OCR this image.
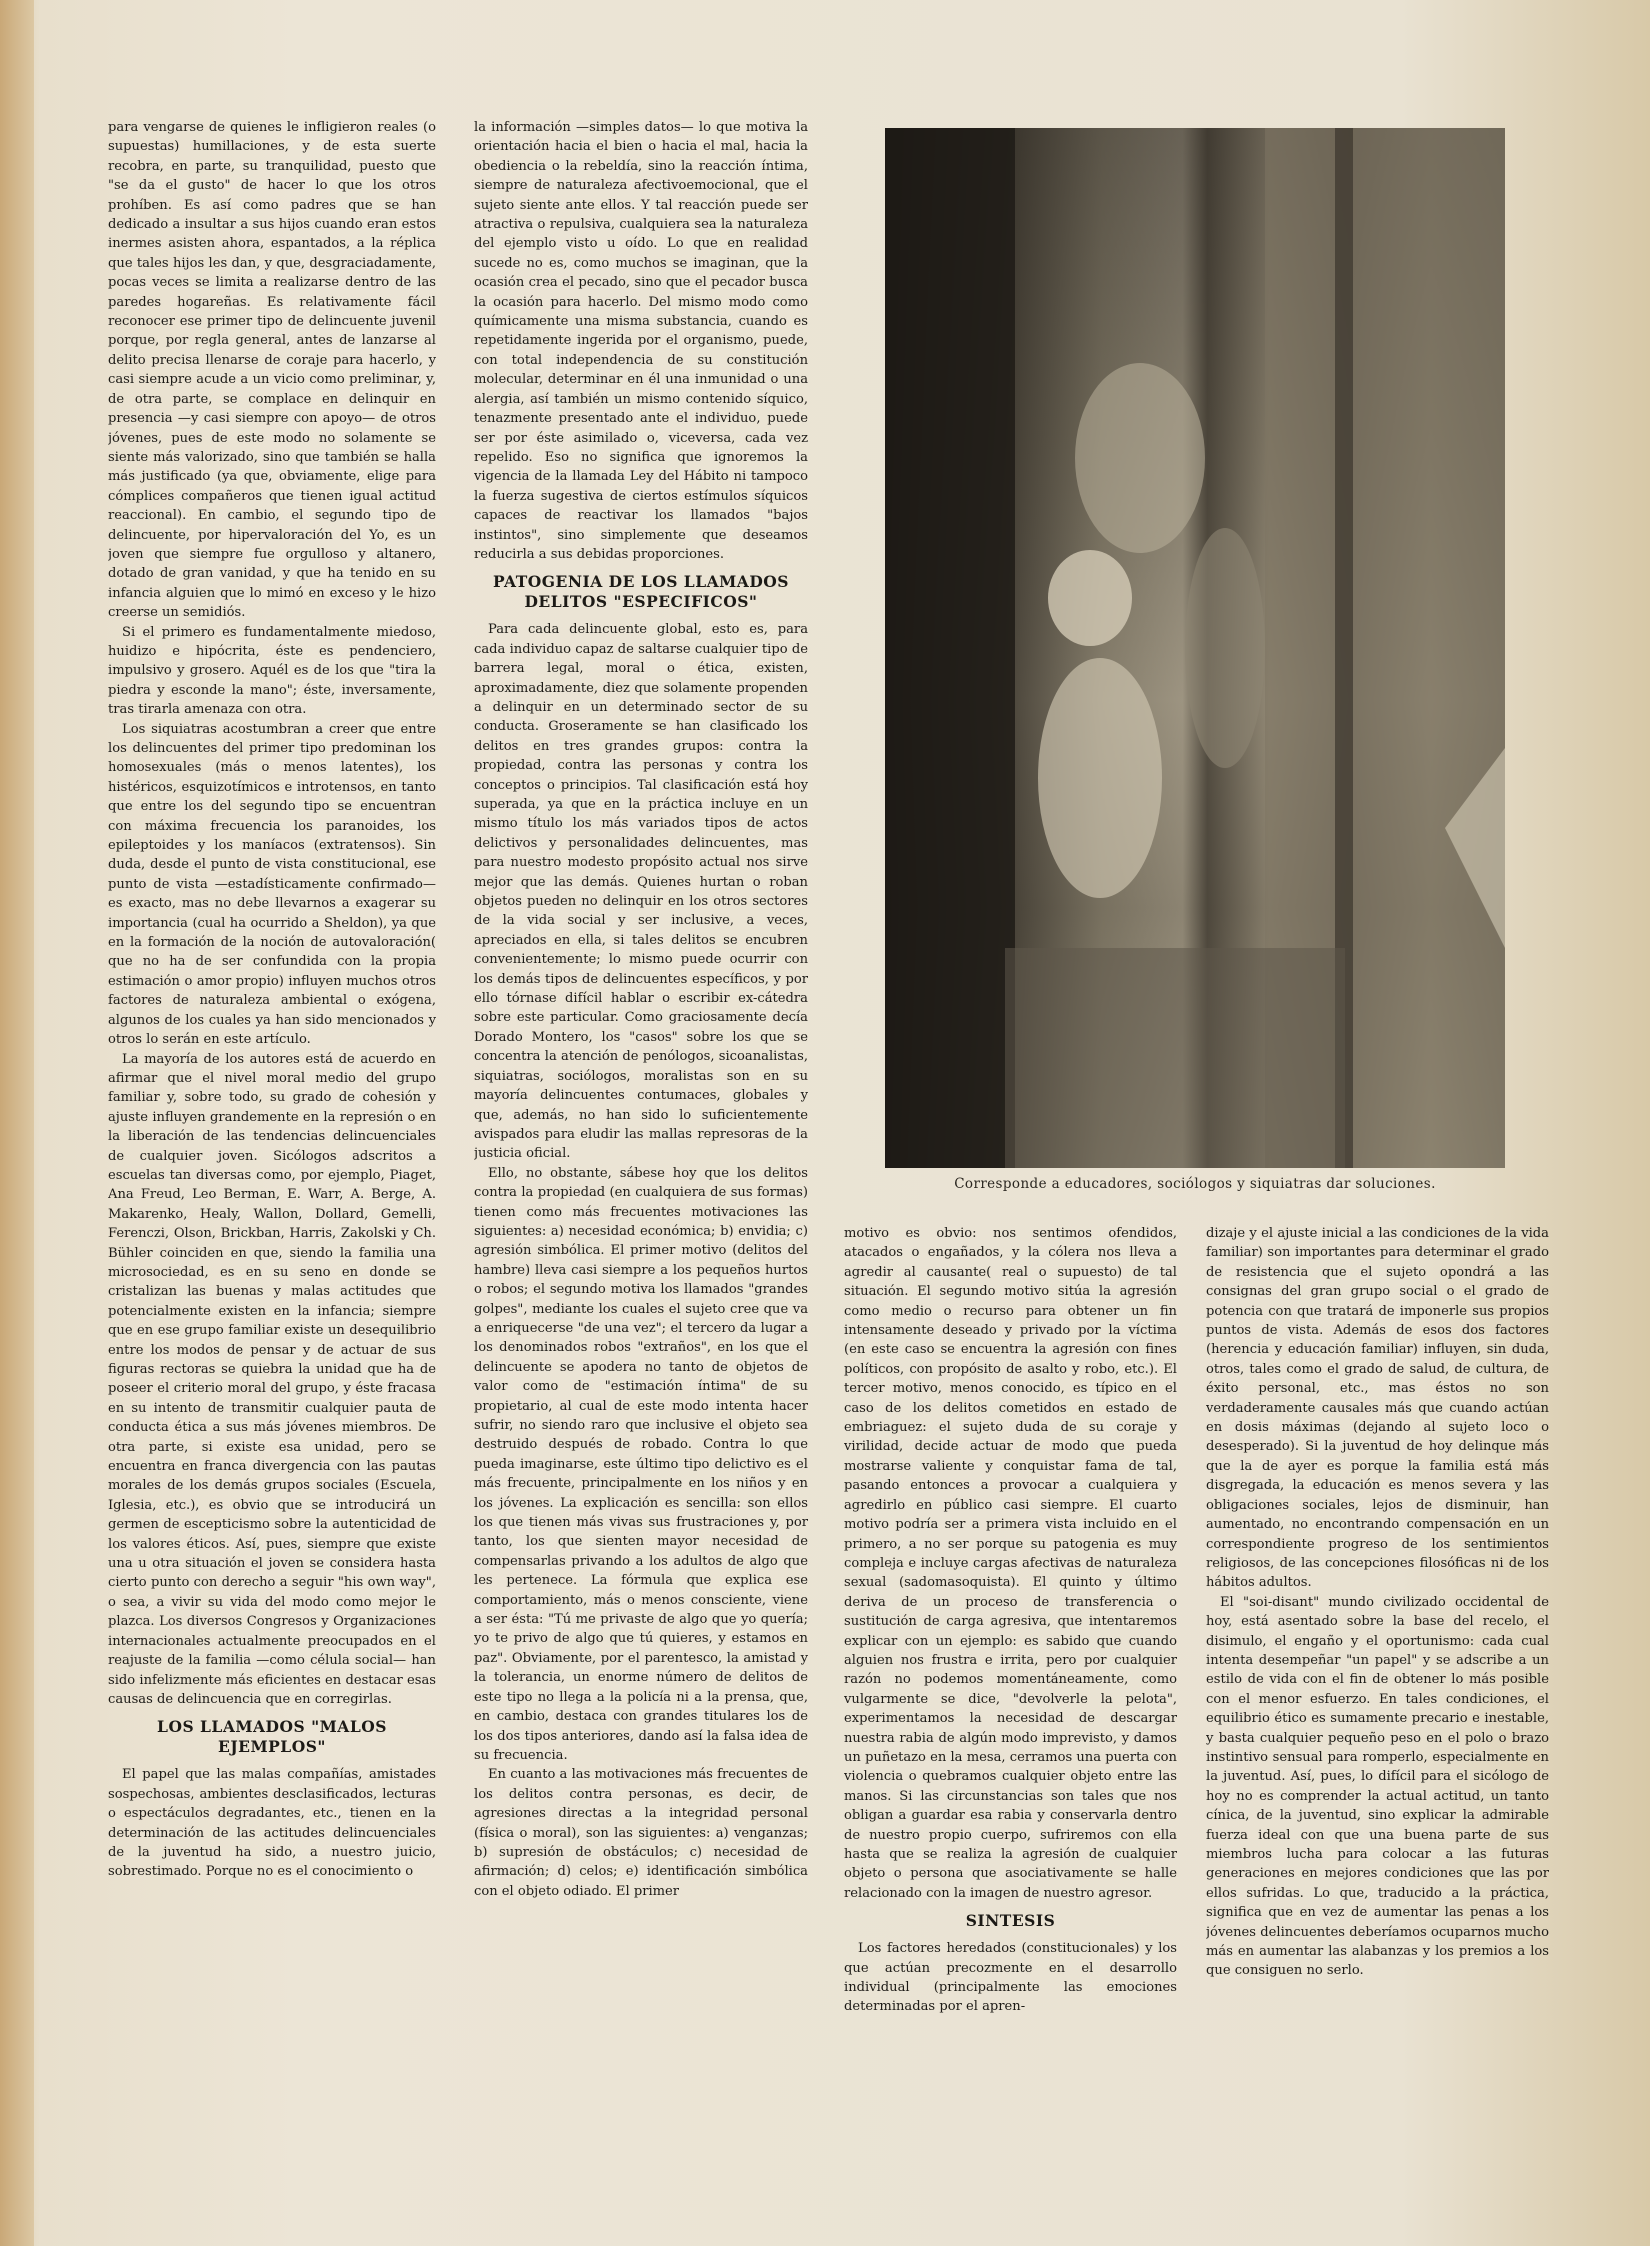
para vengarse de quienes le infligieron reales (o supuestas) humillaciones, y de esta suerte recobra, en parte, su tranquilidad, puesto que "se da el gusto" de hacer lo que los otros prohíben. Es así como padres que se han dedicado a insultar a sus hijos cuando eran estos inermes asisten ahora, espantados, a la réplica que tales hijos les dan, y que, desgraciadamente, pocas veces se limita a realizarse dentro de las paredes hogareñas. Es relativamente fácil reconocer ese primer tipo de delincuente juvenil porque, por regla general, antes de lanzarse al delito precisa llenarse de coraje para hacerlo, y casi siempre acude a un vicio como preliminar, y, de otra parte, se complace en delinquir en presencia —y casi siempre con apoyo— de otros jóvenes, pues de este modo no solamente se siente más valorizado, sino que también se halla más justificado (ya que, obviamente, elige para cómplices compañeros que tienen igual actitud reaccional). En cambio, el segundo tipo de delincuente, por hipervaloración del Yo, es un joven que siempre fue orgulloso y altanero, dotado de gran vanidad, y que ha tenido en su infancia alguien que lo mimó en exceso y le hizo creerse un semidiós.

Si el primero es fundamentalmente miedoso, huidizo e hipócrita, éste es pendenciero, impulsivo y grosero. Aquél es de los que "tira la piedra y esconde la mano"; éste, inversamente, tras tirarla amenaza con otra.

Los siquiatras acostumbran a creer que entre los delincuentes del primer tipo predominan los homosexuales (más o menos latentes), los histéricos, esquizotímicos e introtensos, en tanto que entre los del segundo tipo se encuentran con máxima frecuencia los paranoides, los epileptoides y los maníacos (extratensos). Sin duda, desde el punto de vista constitucional, ese punto de vista —estadísticamente confirmado— es exacto, mas no debe llevarnos a exagerar su importancia (cual ha ocurrido a Sheldon), ya que en la formación de la noción de autovaloración( que no ha de ser confundida con la propia estimación o amor propio) influyen muchos otros factores de naturaleza ambiental o exógena, algunos de los cuales ya han sido mencionados y otros lo serán en este artículo.

La mayoría de los autores está de acuerdo en afirmar que el nivel moral medio del grupo familiar y, sobre todo, su grado de cohesión y ajuste influyen grandemente en la represión o en la liberación de las tendencias delincuenciales de cualquier joven. Sicólogos adscritos a escuelas tan diversas como, por ejemplo, Piaget, Ana Freud, Leo Berman, E. Warr, A. Berge, A. Makarenko, Healy, Wallon, Dollard, Gemelli, Ferenczi, Olson, Brickban, Harris, Zakolski y Ch. Bühler coinciden en que, siendo la familia una microsociedad, es en su seno en donde se cristalizan las buenas y malas actitudes que potencialmente existen en la infancia; siempre que en ese grupo familiar existe un desequilibrio entre los modos de pensar y de actuar de sus figuras rectoras se quiebra la unidad que ha de poseer el criterio moral del grupo, y éste fracasa en su intento de transmitir cualquier pauta de conducta ética a sus más jóvenes miembros. De otra parte, si existe esa unidad, pero se encuentra en franca divergencia con las pautas morales de los demás grupos sociales (Escuela, Iglesia, etc.), es obvio que se introducirá un germen de escepticismo sobre la autenticidad de los valores éticos. Así, pues, siempre que existe una u otra situación el joven se considera hasta cierto punto con derecho a seguir "his own way", o sea, a vivir su vida del modo como mejor le plazca. Los diversos Congresos y Organizaciones internacionales actualmente preocupados en el reajuste de la familia —como célula social— han sido infelizmente más eficientes en destacar esas causas de delincuencia que en corregirlas.

LOS LLAMADOS "MALOS EJEMPLOS"

El papel que las malas compañías, amistades sospechosas, ambientes desclasificados, lecturas o espectáculos degradantes, etc., tienen en la determinación de las actitudes delincuenciales de la juventud ha sido, a nuestro juicio, sobrestimado. Porque no es el conocimiento o

la información —simples datos— lo que motiva la orientación hacia el bien o hacia el mal, hacia la obediencia o la rebeldía, sino la reacción íntima, siempre de naturaleza afectivoemocional, que el sujeto siente ante ellos. Y tal reacción puede ser atractiva o repulsiva, cualquiera sea la naturaleza del ejemplo visto u oído. Lo que en realidad sucede no es, como muchos se imaginan, que la ocasión crea el pecado, sino que el pecador busca la ocasión para hacerlo. Del mismo modo como químicamente una misma substancia, cuando es repetidamente ingerida por el organismo, puede, con total independencia de su constitución molecular, determinar en él una inmunidad o una alergia, así también un mismo contenido síquico, tenazmente presentado ante el individuo, puede ser por éste asimilado o, viceversa, cada vez repelido. Eso no significa que ignoremos la vigencia de la llamada Ley del Hábito ni tampoco la fuerza sugestiva de ciertos estímulos síquicos capaces de reactivar los llamados "bajos instintos", sino simplemente que deseamos reducirla a sus debidas proporciones.

PATOGENIA DE LOS LLAMADOS DELITOS "ESPECIFICOS"

Para cada delincuente global, esto es, para cada individuo capaz de saltarse cualquier tipo de barrera legal, moral o ética, existen, aproximadamente, diez que solamente propenden a delinquir en un determinado sector de su conducta. Groseramente se han clasificado los delitos en tres grandes grupos: contra la propiedad, contra las personas y contra los conceptos o principios. Tal clasificación está hoy superada, ya que en la práctica incluye en un mismo título los más variados tipos de actos delictivos y personalidades delincuentes, mas para nuestro modesto propósito actual nos sirve mejor que las demás. Quienes hurtan o roban objetos pueden no delinquir en los otros sectores de la vida social y ser inclusive, a veces, apreciados en ella, si tales delitos se encubren convenientemente; lo mismo puede ocurrir con los demás tipos de delincuentes específicos, y por ello tórnase difícil hablar o escribir ex-cátedra sobre este particular. Como graciosamente decía Dorado Montero, los "casos" sobre los que se concentra la atención de penólogos, sicoanalistas, siquiatras, sociólogos, moralistas son en su mayoría delincuentes contumaces, globales y que, además, no han sido lo suficientemente avispados para eludir las mallas represoras de la justicia oficial.

Ello, no obstante, sábese hoy que los delitos contra la propiedad (en cualquiera de sus formas) tienen como más frecuentes motivaciones las siguientes: a) necesidad económica; b) envidia; c) agresión simbólica. El primer motivo (delitos del hambre) lleva casi siempre a los pequeños hurtos o robos; el segundo motiva los llamados "grandes golpes", mediante los cuales el sujeto cree que va a enriquecerse "de una vez"; el tercero da lugar a los denominados robos "extraños", en los que el delincuente se apodera no tanto de objetos de valor como de "estimación íntima" de su propietario, al cual de este modo intenta hacer sufrir, no siendo raro que inclusive el objeto sea destruido después de robado. Contra lo que pueda imaginarse, este último tipo delictivo es el más frecuente, principalmente en los niños y en los jóvenes. La explicación es sencilla: son ellos los que tienen más vivas sus frustraciones y, por tanto, los que sienten mayor necesidad de compensarlas privando a los adultos de algo que les pertenece. La fórmula que explica ese comportamiento, más o menos consciente, viene a ser ésta: "Tú me privaste de algo que yo quería; yo te privo de algo que tú quieres, y estamos en paz". Obviamente, por el parentesco, la amistad y la tolerancia, un enorme número de delitos de este tipo no llega a la policía ni a la prensa, que, en cambio, destaca con grandes titulares los de los dos tipos anteriores, dando así la falsa idea de su frecuencia.

En cuanto a las motivaciones más frecuentes de los delitos contra personas, es decir, de agresiones directas a la integridad personal (física o moral), son las siguientes: a) venganzas; b) supresión de obstáculos; c) necesidad de afirmación; d) celos; e) identificación simbólica con el objeto odiado. El primer

Corresponde a educadores, sociólogos y siquiatras dar soluciones.

motivo es obvio: nos sentimos ofendidos, atacados o engañados, y la cólera nos lleva a agredir al causante( real o supuesto) de tal situación. El segundo motivo sitúa la agresión como medio o recurso para obtener un fin intensamente deseado y privado por la víctima (en este caso se encuentra la agresión con fines políticos, con propósito de asalto y robo, etc.). El tercer motivo, menos conocido, es típico en el caso de los delitos cometidos en estado de embriaguez: el sujeto duda de su coraje y virilidad, decide actuar de modo que pueda mostrarse valiente y conquistar fama de tal, pasando entonces a provocar a cualquiera y agredirlo en público casi siempre. El cuarto motivo podría ser a primera vista incluido en el primero, a no ser porque su patogenia es muy compleja e incluye cargas afectivas de naturaleza sexual (sadomasoquista). El quinto y último deriva de un proceso de transferencia o sustitución de carga agresiva, que intentaremos explicar con un ejemplo: es sabido que cuando alguien nos frustra e irrita, pero por cualquier razón no podemos momentáneamente, como vulgarmente se dice, "devolverle la pelota", experimentamos la necesidad de descargar nuestra rabia de algún modo imprevisto, y damos un puñetazo en la mesa, cerramos una puerta con violencia o quebramos cualquier objeto entre las manos. Si las circunstancias son tales que nos obligan a guardar esa rabia y conservarla dentro de nuestro propio cuerpo, sufriremos con ella hasta que se realiza la agresión de cualquier objeto o persona que asociativamente se halle relacionado con la imagen de nuestro agresor.

SINTESIS

Los factores heredados (constitucionales) y los que actúan precozmente en el desarrollo individual (principalmente las emociones determinadas por el apren-

dizaje y el ajuste inicial a las condiciones de la vida familiar) son importantes para determinar el grado de resistencia que el sujeto opondrá a las consignas del gran grupo social o el grado de potencia con que tratará de imponerle sus propios puntos de vista. Además de esos dos factores (herencia y educación familiar) influyen, sin duda, otros, tales como el grado de salud, de cultura, de éxito personal, etc., mas éstos no son verdaderamente causales más que cuando actúan en dosis máximas (dejando al sujeto loco o desesperado). Si la juventud de hoy delinque más que la de ayer es porque la familia está más disgregada, la educación es menos severa y las obligaciones sociales, lejos de disminuir, han aumentado, no encontrando compensación en un correspondiente progreso de los sentimientos religiosos, de las concepciones filosóficas ni de los hábitos adultos.

El "soi-disant" mundo civilizado occidental de hoy, está asentado sobre la base del recelo, el disimulo, el engaño y el oportunismo: cada cual intenta desempeñar "un papel" y se adscribe a un estilo de vida con el fin de obtener lo más posible con el menor esfuerzo. En tales condiciones, el equilibrio ético es sumamente precario e inestable, y basta cualquier pequeño peso en el polo o brazo instintivo sensual para romperlo, especialmente en la juventud. Así, pues, lo difícil para el sicólogo de hoy no es comprender la actual actitud, un tanto cínica, de la juventud, sino explicar la admirable fuerza ideal con que una buena parte de sus miembros lucha para colocar a las futuras generaciones en mejores condiciones que las por ellos sufridas. Lo que, traducido a la práctica, significa que en vez de aumentar las penas a los jóvenes delincuentes deberíamos ocuparnos mucho más en aumentar las alabanzas y los premios a los que consiguen no serlo.
